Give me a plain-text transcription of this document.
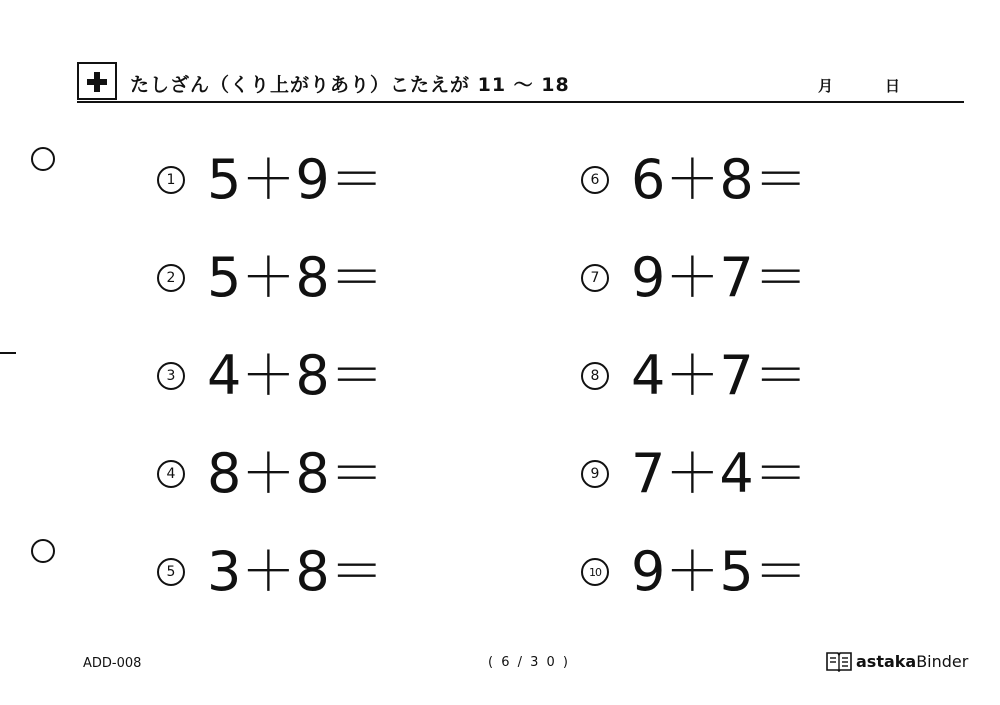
たしざん（くり上がりあり）こたえが 11 〜 18	月	日
1 5＋9＝
2 5＋8＝
3 4＋8＝
4 8＋8＝
5 3＋8＝
6 6＋8＝
7 9＋7＝
8 4＋7＝
9 7＋4＝
10 9＋5＝
ADD-008	( 6 / 3 0 )	astakaBinder
